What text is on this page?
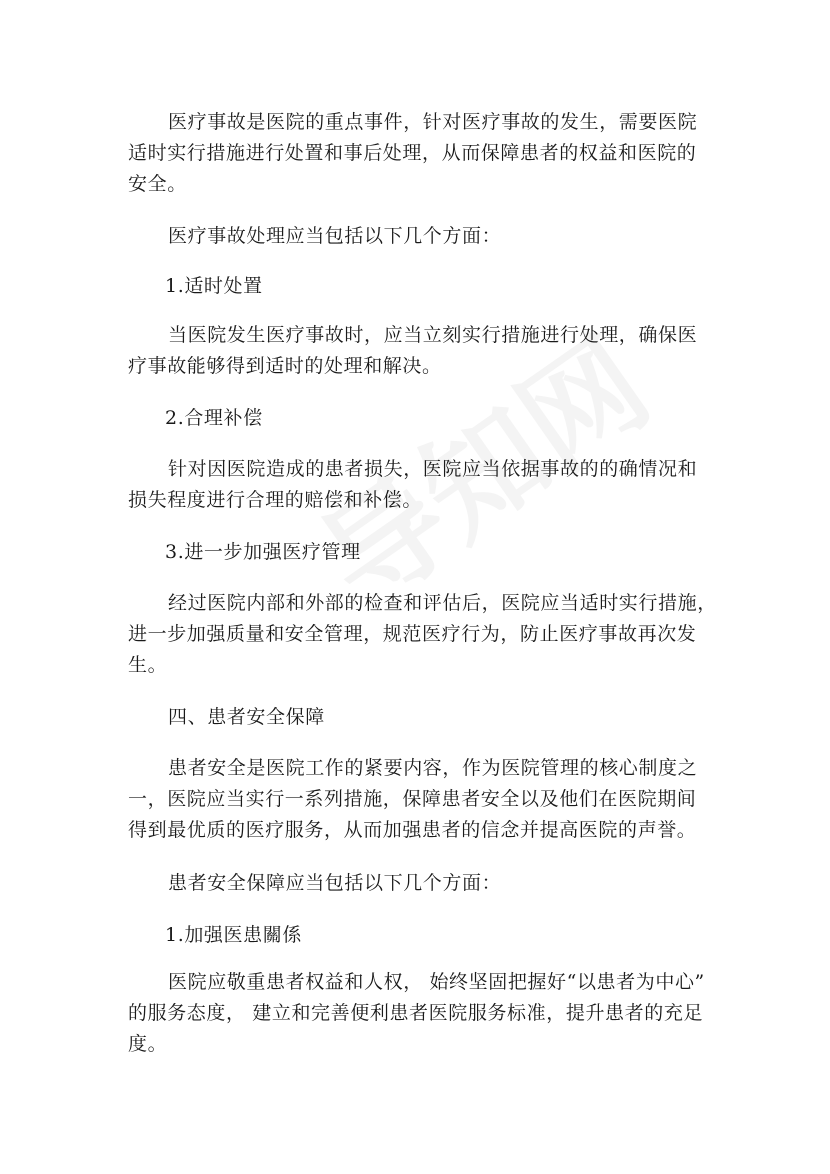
医疗事故是医院的重点事件，针对医疗事故的发生，需要医院
适时实行措施进行处置和事后处理，从而保障患者的权益和医院的
安全。
医疗事故处理应当包括以下几个方面：
1.适时处置
当医院发生医疗事故时，应当立刻实行措施进行处理，确保医
疗事故能够得到适时的处理和解决。
2.合理补偿
针对因医院造成的患者损失，医院应当依据事故的的确情况和
损失程度进行合理的赔偿和补偿。
3.进一步加强医疗管理
经过医院内部和外部的检查和评估后，医院应当适时实行措施，
进一步加强质量和安全管理，规范医疗行为，防止医疗事故再次发
生。
四、患者安全保障
患者安全是医院工作的紧要内容，作为医院管理的核心制度之
一，医院应当实行一系列措施，保障患者安全以及他们在医院期间
得到最优质的医疗服务，从而加强患者的信念并提高医院的声誉。
患者安全保障应当包括以下几个方面：
1.加强医患關係
医院应敬重患者权益和人权， 始终坚固把握好“以患者为中心”
的服务态度， 建立和完善便利患者医院服务标准，提升患者的充足
度。
